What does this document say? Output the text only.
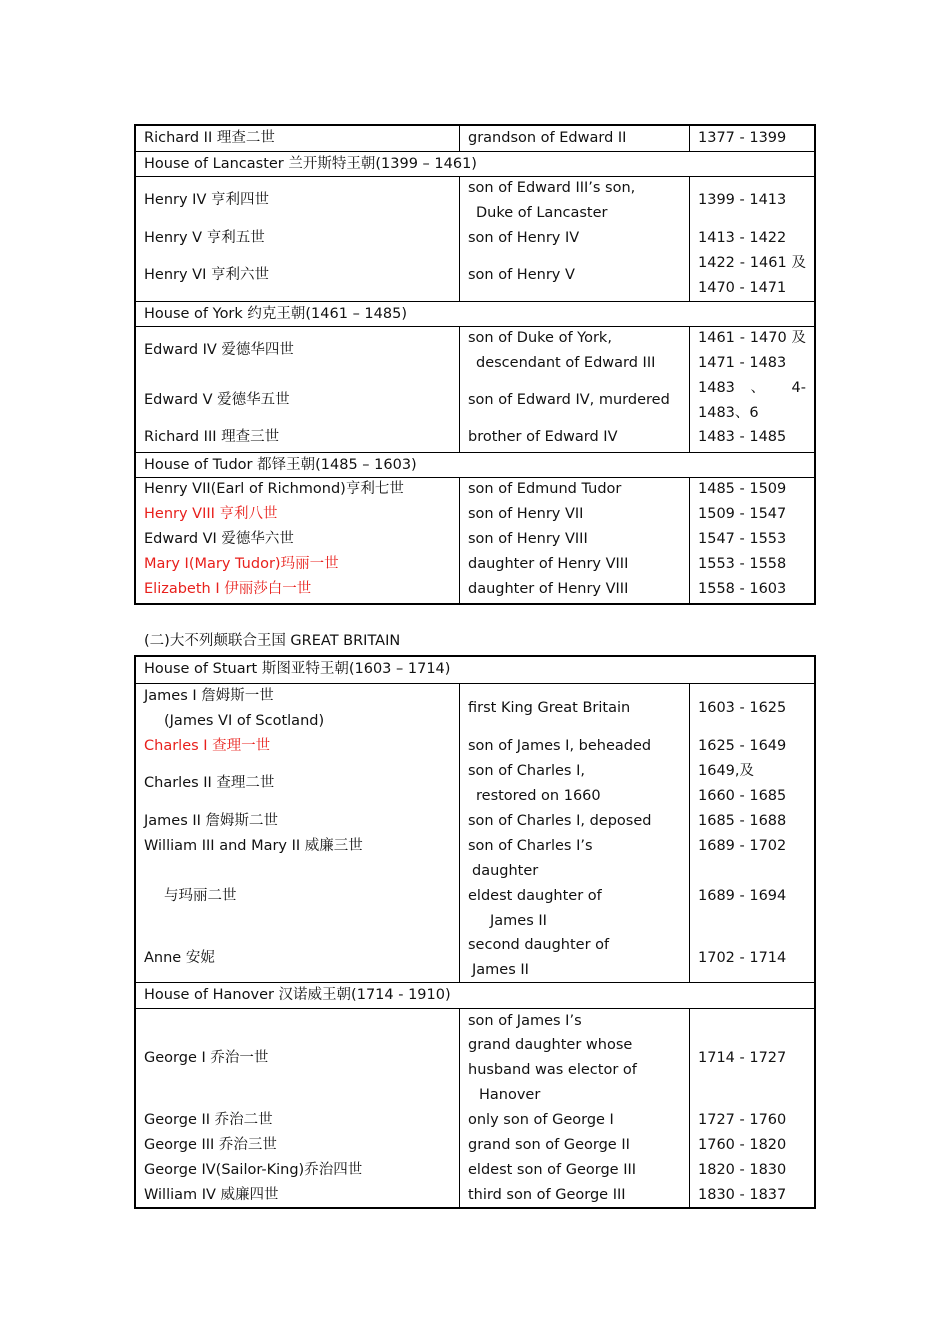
Richard II 理查二世	grandson of Edward II	1377 - 1399
House of Lancaster 兰开斯特王朝(1399 – 1461)
Henry IV 亨利四世
Henry V 亨利五世
Henry VI 亨利六世
son of Edward III’s son,
Duke of Lancaster
son of Henry IV
son of Henry V
1399 - 1413
1413 - 1422
1422 - 1461 及
1470 - 1471
House of York 约克王朝(1461 – 1485)
Edward IV 爱德华四世
Edward V 爱德华五世
Richard III 理查三世
son of Duke of York,
descendant of Edward III
son of Edward IV, murdered
brother of Edward IV
1461 - 1470 及
1471 - 1483
1483 、 4-
1483、6
1483 - 1485
House of Tudor 都铎王朝(1485 – 1603)
Henry VII(Earl of Richmond)亨利七世
Henry VIII 亨利八世
Edward VI 爱德华六世
Mary I(Mary Tudor)玛丽一世
Elizabeth I 伊丽莎白一世
son of Edmund Tudor
son of Henry VII
son of Henry VIII
daughter of Henry VIII
daughter of Henry VIII
1485 - 1509
1509 - 1547
1547 - 1553
1553 - 1558
1558 - 1603
(二)大不列颠联合王国 GREAT BRITAIN
House of Stuart 斯图亚特王朝(1603 – 1714)
James I 詹姆斯一世
(James VI of Scotland)
Charles I 查理一世
Charles II 查理二世
James II 詹姆斯二世
William III and Mary II 威廉三世
与玛丽二世
Anne 安妮
first King Great Britain
son of James I, beheaded
son of Charles I,
restored on 1660
son of Charles I, deposed
son of Charles I’s
daughter
eldest daughter of
James II
second daughter of
James II
1603 - 1625
1625 - 1649
1649,及
1660 - 1685
1685 - 1688
1689 - 1702
1689 - 1694
1702 - 1714
House of Hanover 汉诺威王朝(1714 - 1910)
George I 乔治一世
George II 乔治二世
George III 乔治三世
George IV(Sailor-King)乔治四世
William IV 威廉四世
son of James I’s
grand daughter whose
husband was elector of
Hanover
only son of George I
grand son of George II
eldest son of George III
third son of George III
1714 - 1727
1727 - 1760
1760 - 1820
1820 - 1830
1830 - 1837
